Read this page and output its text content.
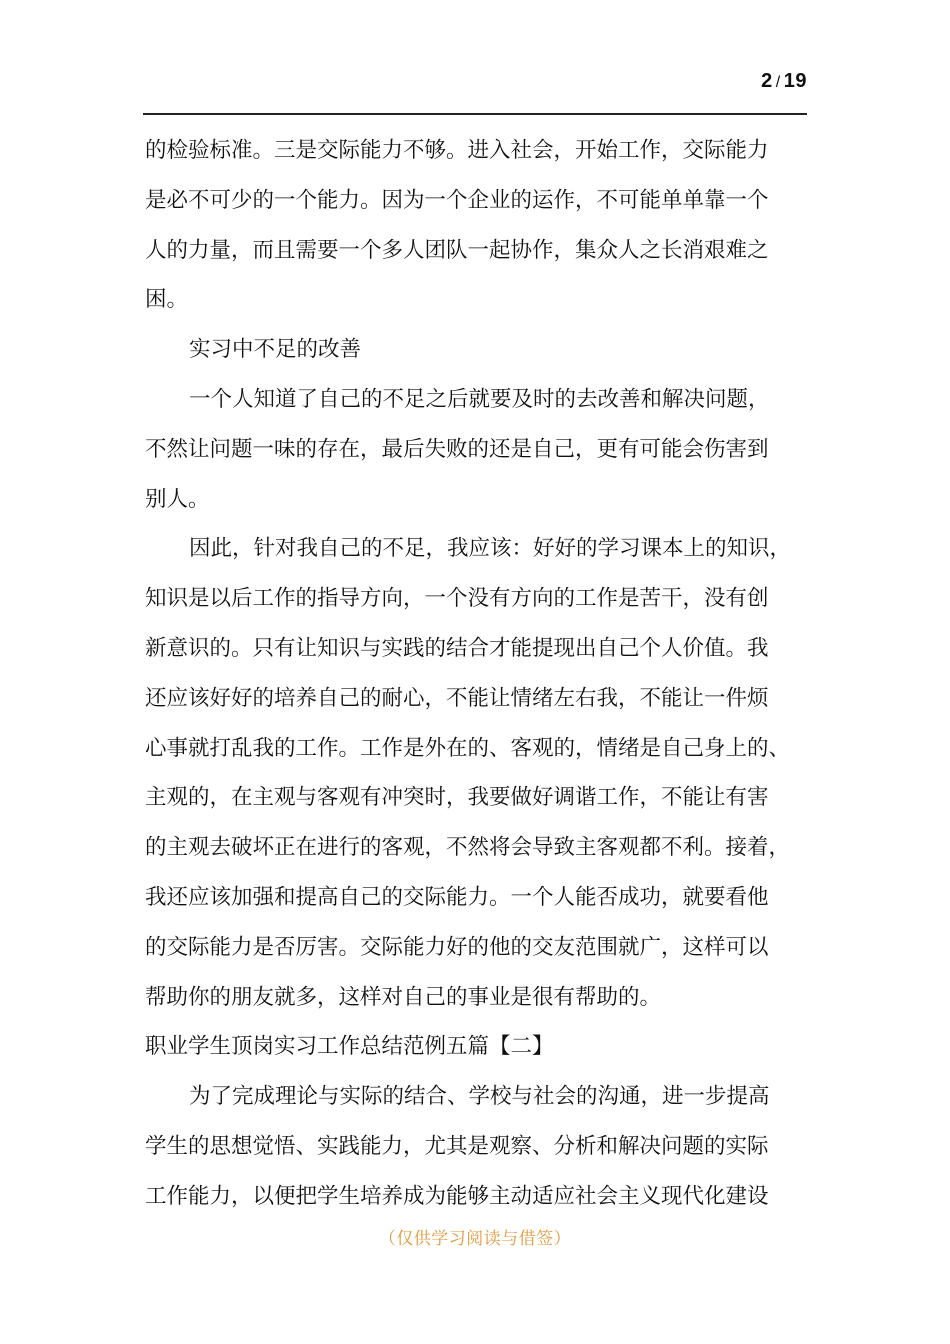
2 / 19
的检验标准。三是交际能力不够。进入社会，开始工作，交际能力
是必不可少的一个能力。因为一个企业的运作，不可能单单靠一个
人的力量，而且需要一个多人团队一起协作，集众人之长消艰难之
困。
实习中不足的改善
一个人知道了自己的不足之后就要及时的去改善和解决问题，
不然让问题一味的存在，最后失败的还是自己，更有可能会伤害到
别人。
因此，针对我自己的不足，我应该：好好的学习课本上的知识，
知识是以后工作的指导方向，一个没有方向的工作是苦干，没有创
新意识的。只有让知识与实践的结合才能提现出自己个人价值。我
还应该好好的培养自己的耐心，不能让情绪左右我，不能让一件烦
心事就打乱我的工作。工作是外在的、客观的，情绪是自己身上的、
主观的，在主观与客观有冲突时，我要做好调谐工作，不能让有害
的主观去破坏正在进行的客观，不然将会导致主客观都不利。接着，
我还应该加强和提高自己的交际能力。一个人能否成功，就要看他
的交际能力是否厉害。交际能力好的他的交友范围就广，这样可以
帮助你的朋友就多，这样对自己的事业是很有帮助的。
职业学生顶岗实习工作总结范例五篇【二】
为了完成理论与实际的结合、学校与社会的沟通，进一步提高
学生的思想觉悟、实践能力，尤其是观察、分析和解决问题的实际
工作能力，以便把学生培养成为能够主动适应社会主义现代化建设
（仅供学习阅读与借签）
